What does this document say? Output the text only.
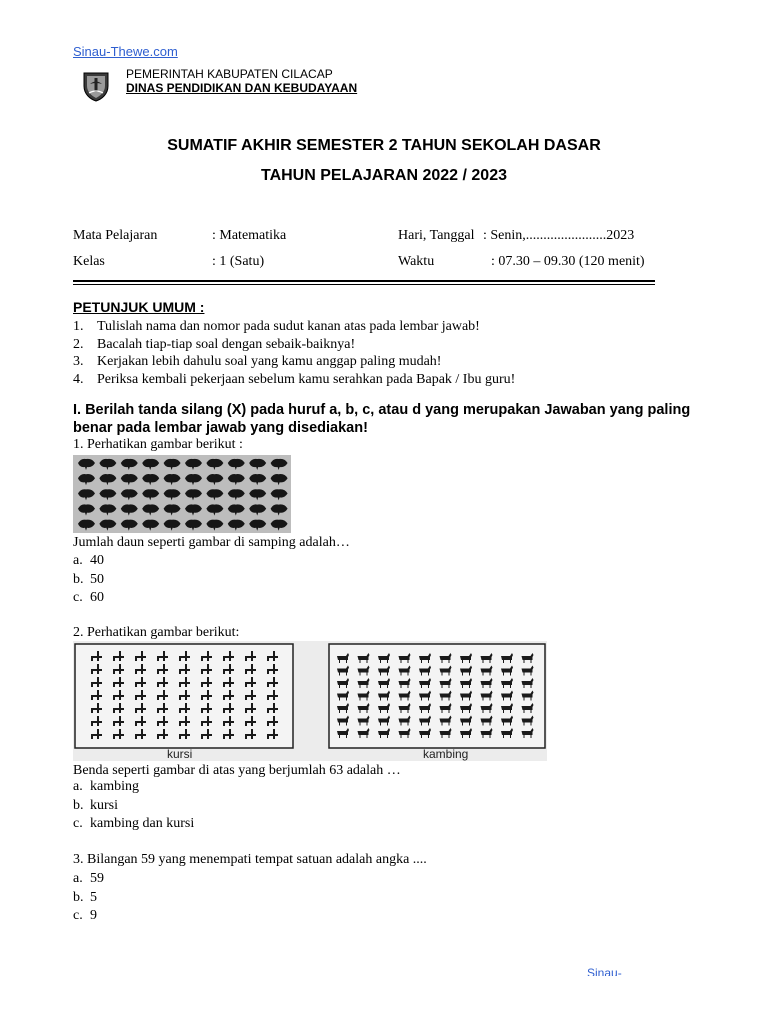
Sinau-Thewe.com
PEMERINTAH KABUPATEN CILACAP
DINAS PENDIDIKAN DAN KEBUDAYAAN
SUMATIF AKHIR SEMESTER 2 TAHUN SEKOLAH DASAR
TAHUN PELAJARAN 2022 / 2023
Mata Pelajaran	: Matematika	Hari, Tanggal : Senin,.......................2023
Kelas	: 1 (Satu)	Waktu	: 07.30 – 09.30 (120 menit)
PETUNJUK UMUM :
1. Tulislah nama dan nomor pada sudut kanan atas pada lembar jawab!
2. Bacalah tiap-tiap soal dengan sebaik-baiknya!
3. Kerjakan lebih dahulu soal yang kamu anggap paling mudah!
4. Periksa kembali pekerjaan sebelum kamu serahkan pada Bapak / Ibu guru!
I. Berilah tanda silang (X) pada huruf a, b, c, atau d yang merupakan Jawaban yang paling benar pada lembar jawab yang disediakan!
1. Perhatikan gambar berikut :
Jumlah daun seperti gambar di samping adalah…
a. 40
b. 50
c. 60
2. Perhatikan gambar berikut:
kursi	kambing
Benda seperti gambar di atas yang berjumlah 63 adalah …
a. kambing
b. kursi
c. kambing dan kursi
3. Bilangan 59 yang menempati tempat satuan adalah angka ....
a. 59
b. 5
c. 9
Sinau-
